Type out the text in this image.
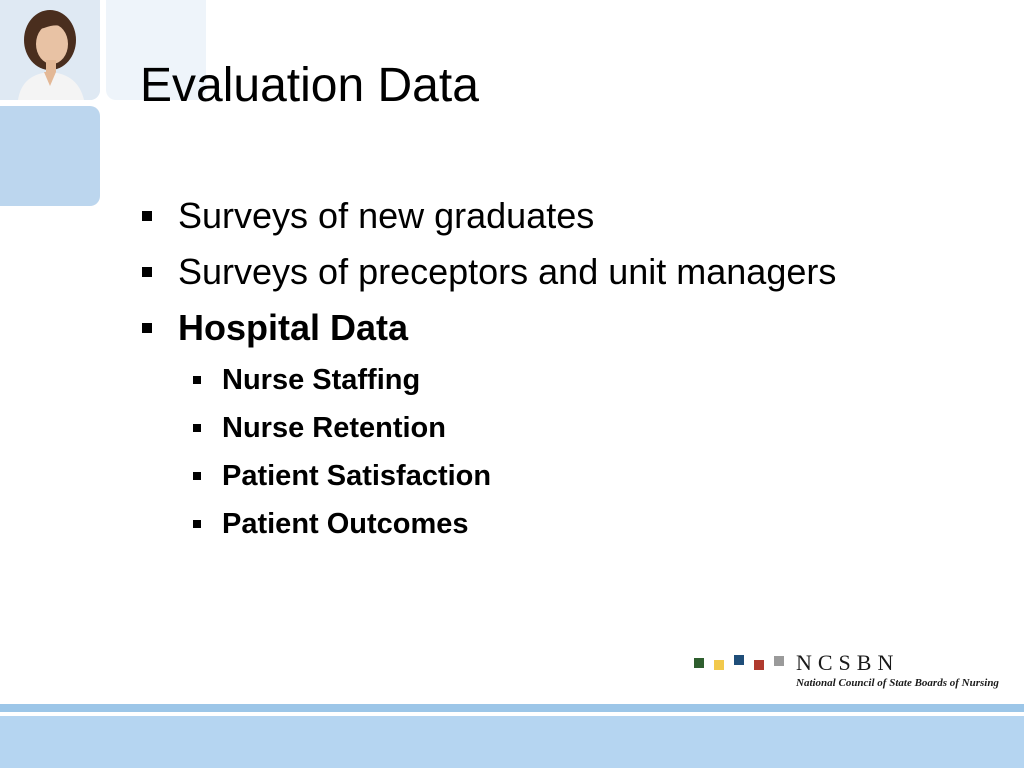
Evaluation Data
Surveys of new graduates
Surveys of preceptors and unit managers
Hospital Data
Nurse Staffing
Nurse Retention
Patient Satisfaction
Patient Outcomes
NCSBN
National Council of State Boards of Nursing
